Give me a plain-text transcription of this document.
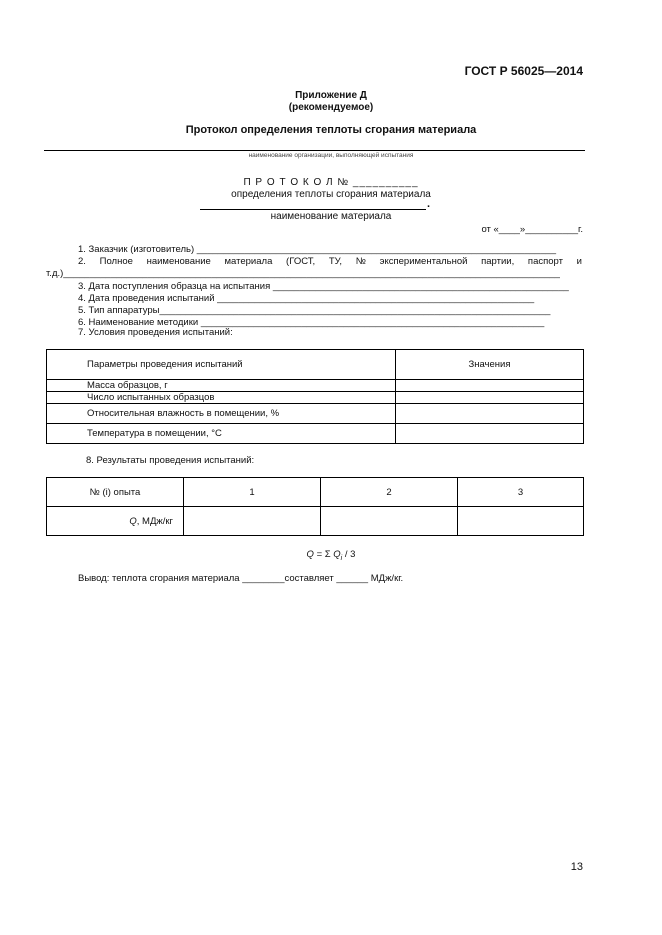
ГОСТ Р 56025—2014
Приложение Д
(рекомендуемое)
Протокол определения теплоты сгорания материала
наименование организации, выполняющей испытания
П Р О Т О К О Л № __________
определения теплоты сгорания материала
.
наименование материала
от «____»__________г.
1. Заказчик (изготовитель) ____________________________________________________________________
2. Полное наименование материала (ГОСТ, ТУ, № экспериментальной партии, паспорт и
т.д.)______________________________________________________________________________________________
3. Дата поступления образца на испытания ________________________________________________________
4. Дата проведения испытаний ____________________________________________________________
5. Тип аппаратуры__________________________________________________________________________
6. Наименование методики _________________________________________________________________
7. Условия проведения испытаний:
Параметры проведения испытаний	Значения
Масса образцов, г	
Число испытанных образцов	
Относительная влажность в помещении, %	
Температура в помещении, °С	
8. Результаты проведения испытаний:
№ (i) опыта	1	2	3
Q, МДж/кг			
Q = Σ $Q_i / 3$
Вывод: теплота сгорания материала ________составляет ______ МДж/кг.
13
